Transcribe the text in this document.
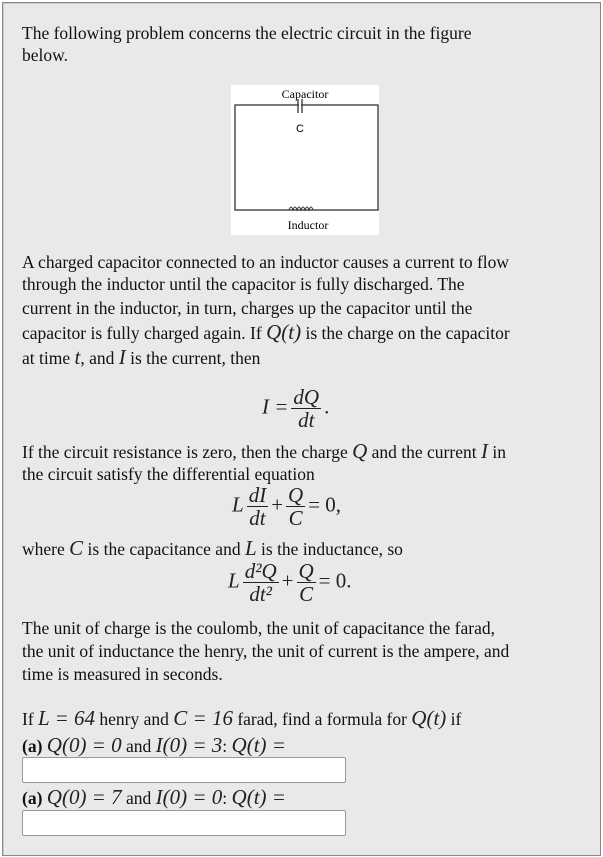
The following problem concerns the electric circuit in the figure
below.
Capacitor
C
Inductor
A charged capacitor connected to an inductor causes a current to flow
through the inductor until the capacitor is fully discharged. The
current in the inductor, in turn, charges up the capacitor until the
capacitor is fully charged again. If Q(t) is the charge on the capacitor
at time t, and I is the current, then
$I = \frac{dQ}{dt}$ .
If the circuit resistance is zero, then the charge Q and the current I in
the circuit satisfy the differential equation
L $\frac{dI}{dt} + \frac{Q}{C} = 0$,
where C is the capacitance and L is the inductance, so
L $\frac{\text{d²Q}}{\text{dt²}} + \frac{Q}{C} = 0$.
The unit of charge is the coulomb, the unit of capacitance the farad,
the unit of inductance the henry, the unit of current is the ampere, and
time is measured in seconds.
If L = 64 henry and C = 16 farad, find a formula for Q(t) if
(a) Q(0) = 0 and I(0) = 3: Q(t) =
(a) Q(0) = 7 and I(0) = 0: Q(t) =
